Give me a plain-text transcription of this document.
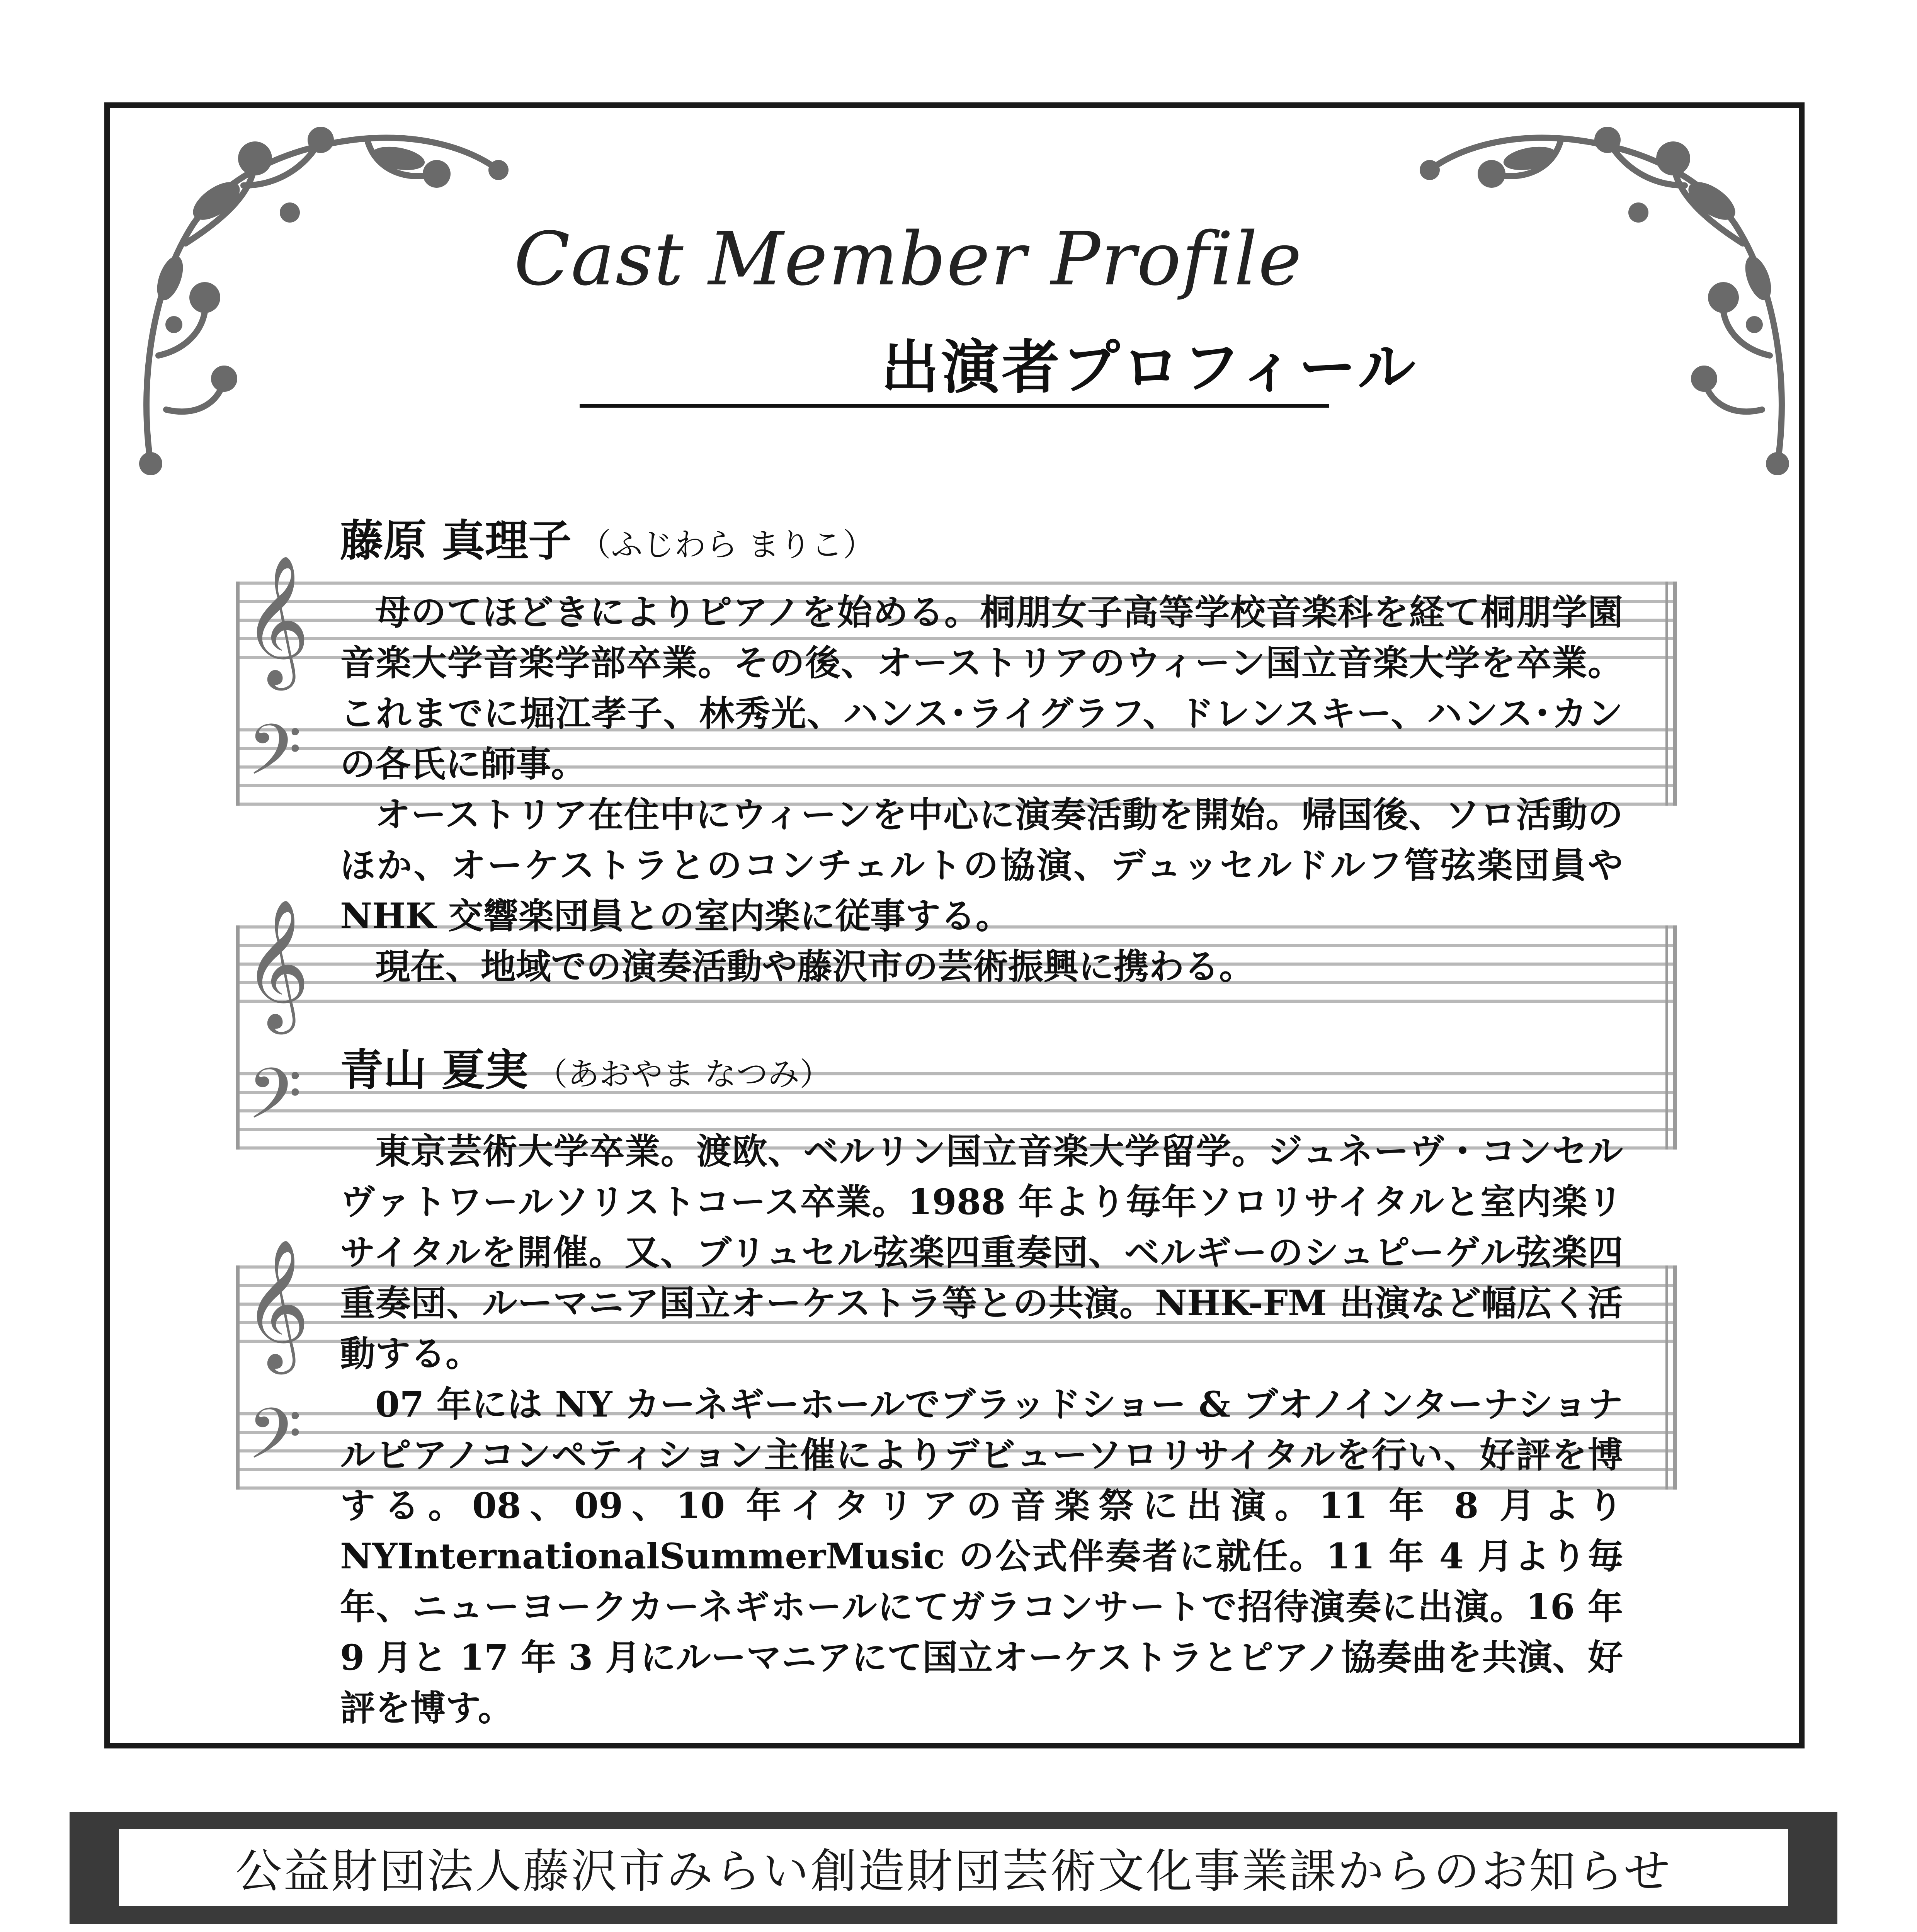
Cast Member Profile
出演者プロフィール
𝄞
𝄢
𝄞
𝄢
𝄞
𝄢
藤原 真理子 （ふじわら まりこ）

母のてほどきによりピアノを始める。桐朋女子高等学校音楽科を経て桐朋学園音楽大学音楽学部卒業。その後、オーストリアのウィーン国立音楽大学を卒業。これまでに堀江孝子、林秀光、ハンス･ライグラフ、ドレンスキー、ハンス･カンの各氏に師事。

オーストリア在住中にウィーンを中心に演奏活動を開始。帰国後、ソロ活動のほか、オーケストラとのコンチェルトの協演、デュッセルドルフ管弦楽団員や NHK 交響楽団員との室内楽に従事する。

現在、地域での演奏活動や藤沢市の芸術振興に携わる。

青山 夏実 （あおやま なつみ）

東京芸術大学卒業。渡欧、ベルリン国立音楽大学留学。ジュネーヴ・コンセルヴァトワールソリストコース卒業。1988 年より毎年ソロリサイタルと室内楽リサイタルを開催。又、ブリュセル弦楽四重奏団、ベルギーのシュピーゲル弦楽四重奏団、ルーマニア国立オーケストラ等との共演。NHK-FM 出演など幅広く活動する。

07 年には NY カーネギーホールでブラッドショー & ブオノインターナショナルピアノコンペティション主催によりデビューソロリサイタルを行い、好評を博する。08、09、10 年イタリアの音楽祭に出演。11 年 8 月より NYInternationalSummerMusic の公式伴奏者に就任。11 年 4 月より毎年、ニューヨークカーネギホールにてガラコンサートで招待演奏に出演。16 年 9 月と 17 年 3 月にルーマニアにて国立オーケストラとピアノ協奏曲を共演、好評を博す。

公益財団法人藤沢市みらい創造財団芸術文化事業課からのお知らせ
